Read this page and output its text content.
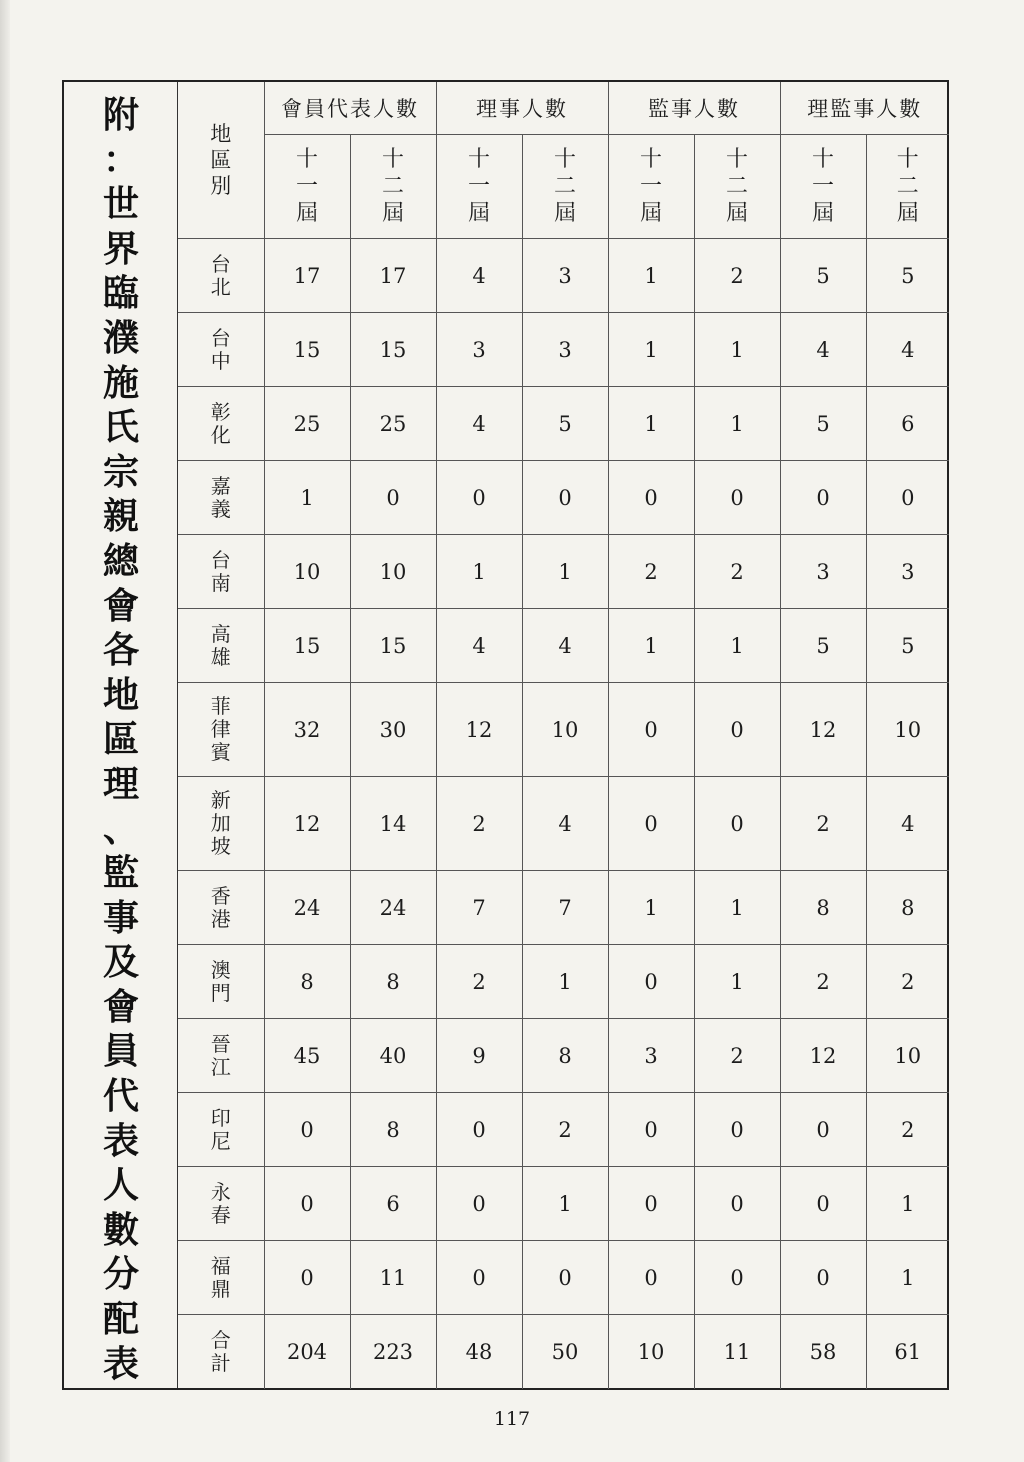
附
：
世
界
臨
濮
施
氏
宗
親
總
會
各
地
區
理
、
監
事
及
會
員
代
表
人
數
分
配
表
地
區
別	會員代表人數		理事人數		監事人數		理監事人數	

	十
一
屆	十
二
屆	十
一
屆	十
二
屆	十
一
屆	十
二
屆	十
一
屆	十
二
屆

台
北	17	17	4	3	1	2	5	5

台
中	15	15	3	3	1	1	4	4

彰
化	25	25	4	5	1	1	5	6

嘉
義	1	0	0	0	0	0	0	0

台
南	10	10	1	1	2	2	3	3

高
雄	15	15	4	4	1	1	5	5

菲
律
賓	32	30	12	10	0	0	12	10

新
加
坡	12	14	2	4	0	0	2	4

香
港	24	24	7	7	1	1	8	8

澳
門	8	8	2	1	0	1	2	2

晉
江	45	40	9	8	3	2	12	10

印
尼	0	8	0	2	0	0	0	2

永
春	0	6	0	1	0	0	0	1

福
鼎	0	11	0	0	0	0	0	1

合
計	204	223	48	50	10	11	58	61
117
